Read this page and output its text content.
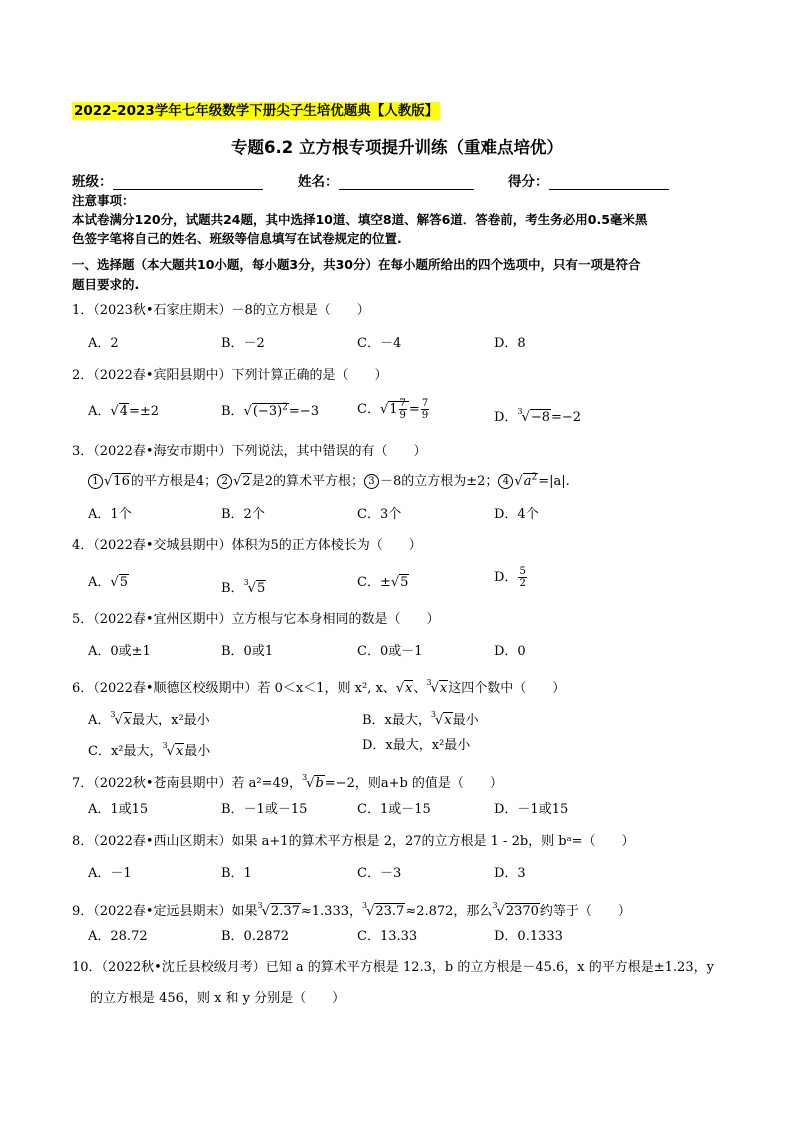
2022-2023学年七年级数学下册尖子生培优题典【人教版】
专题6.2 立方根专项提升训练（重难点培优）
班级：	姓名：	得分：
注意事项：
本试卷满分120分，试题共24题，其中选择10道、填空8道、解答6道．答卷前，考生务必用0.5毫米黑
色签字笔将自己的姓名、班级等信息填写在试卷规定的位置.
一、选择题（本大题共10小题，每小题3分，共30分）在每小题所给出的四个选项中，只有一项是符合
题目要求的.
1．（2023秋•石家庄期末）－8的立方根是（　　）
A．2	B．－2	C．－4	D．8
2．（2022春•宾阳县期中）下列计算正确的是（　　）
A．√4=±2	B．$√(-3)^2=-3$	C．$√1 \frac{7}{9} = \frac{7}{9}$	D．$^3$√−8=−2
3．（2022春•海安市期中）下列说法，其中错误的有（　　）
1 √16的平方根是4； 2 √2是2的算术平方根； 3 －8的立方根为±2； 4 $√a^2=|a|$.
A．1个	B．2个	C．3个	D．4个
4．（2022春•交城县期中）体积为5的正方体棱长为（　　）
A．√5	B．$^3$√5	C．±√5	D． $\frac{5}{2}$
5．（2022春•宜州区期中）立方根与它本身相同的数是（　　）
A．0或±1	B．0或1	C．0或－1	D．0
6．（2022春•顺德区校级期中）若 0＜x＜1，则 x², x、√x、$^3$√x这四个数中（　　）
A．$^3$√x最大，x²最小	B．x最大，$^3$√x最小
C．x²最大，$^3$√x最小	D．x最大，x²最小
7．（2022秋•苍南县期中）若 a²=49，$^3$√b=−2，则a+b 的值是（　　）
A．1或15	B．－1或－15	C．1或－15	D．－1或15
8．（2022春•西山区期末）如果 a+1的算术平方根是 2，27的立方根是 1 - 2b，则 bᵃ=（　　）
A．－1	B．1	C．－3	D．3
9．（2022春•定远县期末）如果$^3$√2.37≈1.333，$^3$√23.7≈2.872，那么$^3$√2370约等于（　　）
A．28.72	B．0.2872	C．13.33	D．0.1333
10．（2022秋•沈丘县校级月考）已知 a 的算术平方根是 12.3，b 的立方根是－45.6，x 的平方根是±1.23，y
的立方根是 456，则 x 和 y 分别是（　　）
